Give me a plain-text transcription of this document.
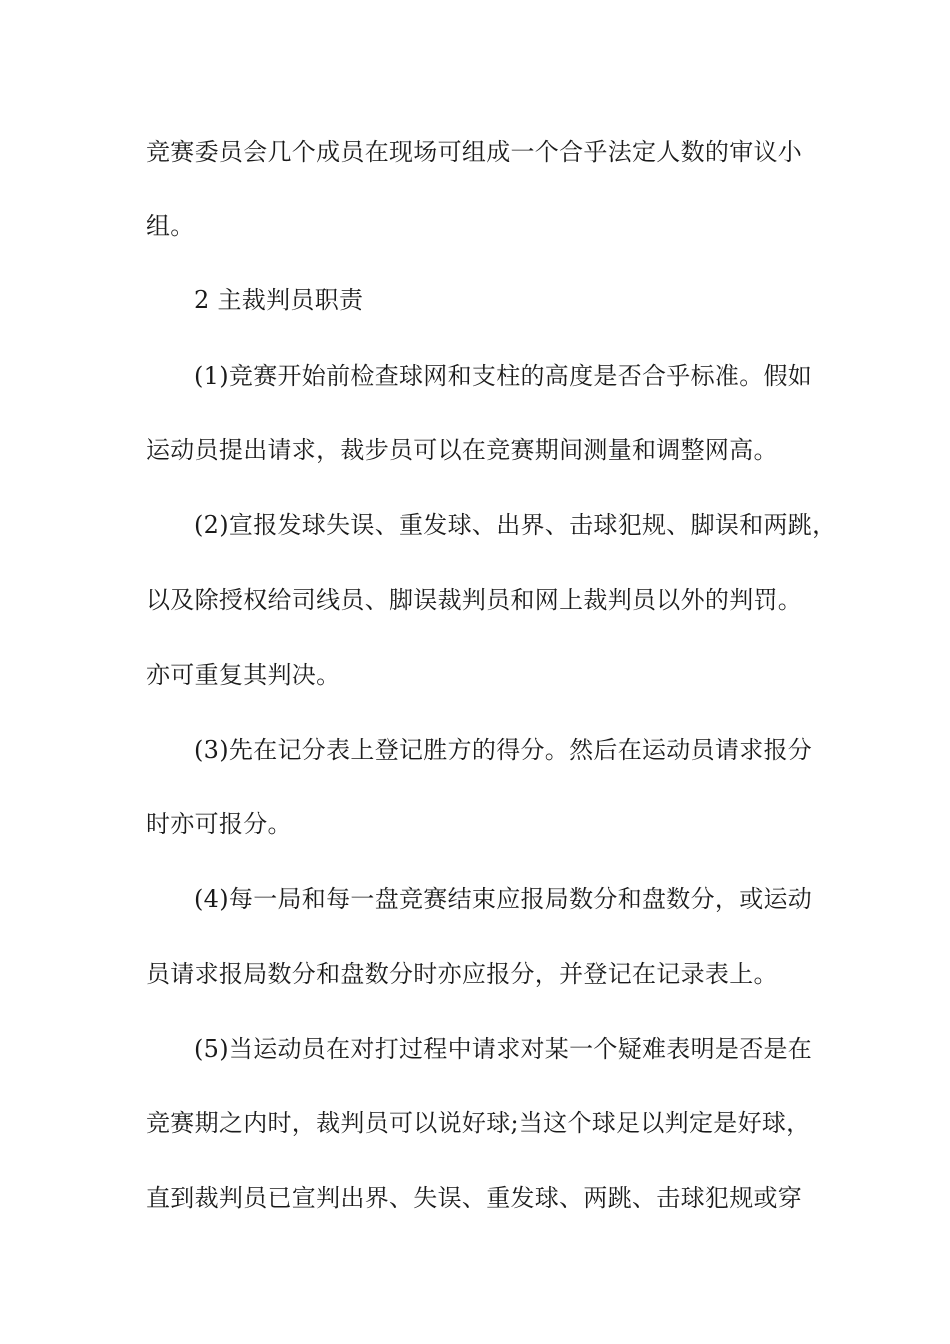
竞赛委员会几个成员在现场可组成一个合乎法定人数的审议小
组。
2 主裁判员职责
(1)竞赛开始前检查球网和支柱的高度是否合乎标准。假如
运动员提出请求，裁步员可以在竞赛期间测量和调整网高。
(2)宣报发球失误、重发球、出界、击球犯规、脚误和两跳，
以及除授权给司线员、脚误裁判员和网上裁判员以外的判罚。
亦可重复其判决。
(3)先在记分表上登记胜方的得分。然后在运动员请求报分
时亦可报分。
(4)每一局和每一盘竞赛结束应报局数分和盘数分，或运动
员请求报局数分和盘数分时亦应报分，并登记在记录表上。
(5)当运动员在对打过程中请求对某一个疑难表明是否是在
竞赛期之内时，裁判员可以说好球;当这个球足以判定是好球，
直到裁判员已宣判出界、失误、重发球、两跳、击球犯规或穿
